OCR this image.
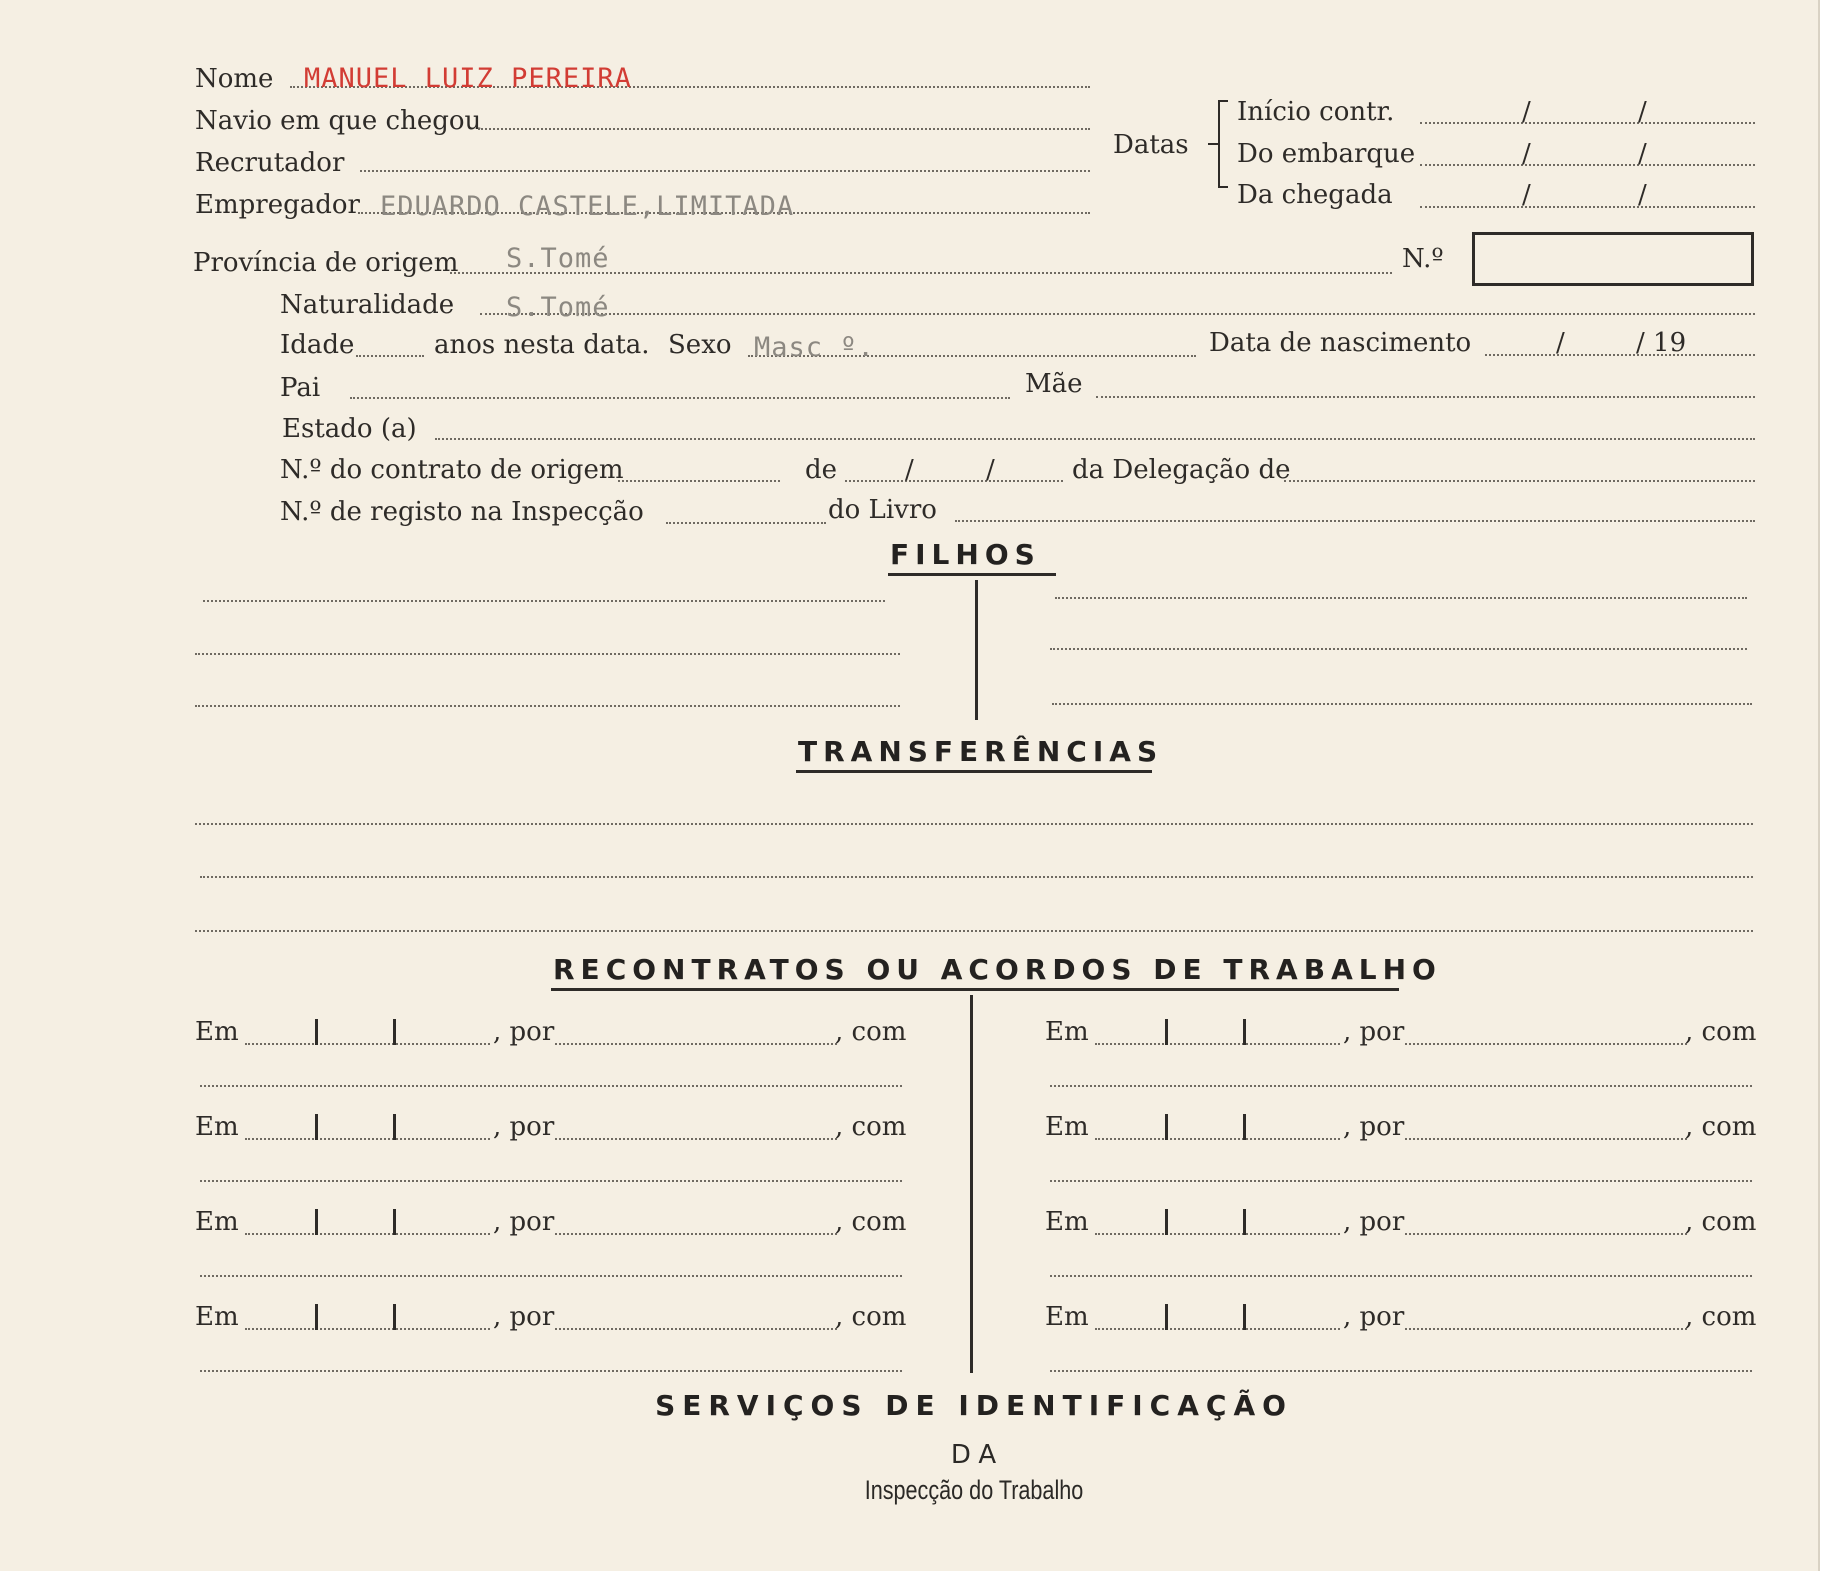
Nome MANUEL LUIZ PEREIRA
Navio em que chegou
Recrutador
Empregador EDUARDO CASTELE,LIMITADA
Datas
Início contr.	/	/
Do embarque	/	/
Da chegada	/	/
Província de origem S.Tomé	N.º
Naturalidade S.Tomé
Idade	anos nesta data. Sexo Masc º.	Data de nascimento	/	/ 19
Pai	Mãe
Estado (a)
N.º do contrato de origem	de	/	/	da Delegação de
N.º de registo na Inspecção	do Livro
FILHOS
TRANSFERÊNCIAS
RECONTRATOS OU ACORDOS DE TRABALHO
Em	, por	, com
Em	, por	, com
Em	, por	, com
Em	, por	, com
Em	, por	, com
Em	, por	, com
Em	, por	, com
Em	, por	, com
SERVIÇOS DE IDENTIFICAÇÃO
DA
Inspecção do Trabalho
